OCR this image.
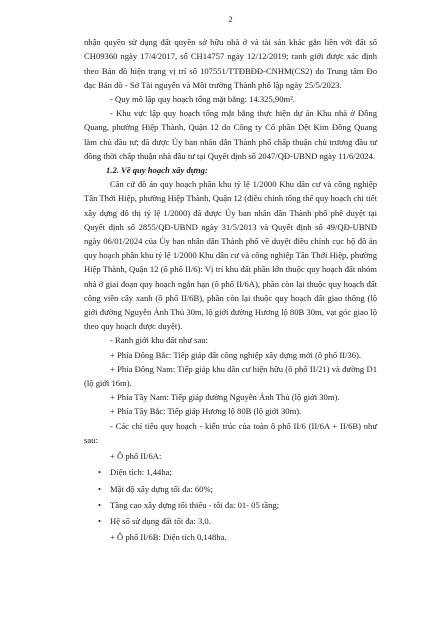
2

nhận quyền sử dụng đất quyền sở hữu nhà ở và tài sản khác gắn liền với đất số CH09360 ngày 17/4/2017, số CH14757 ngày 12/12/2019; ranh giới được xác định theo Bản đồ hiện trạng vị trí số 107551/TTĐBĐĐ-CNHM(CS2) do Trung tâm Đo đạc Bản đồ - Sở Tài nguyên và Môi trường Thành phố lập ngày 25/5/2023.

- Quy mô lập quy hoạch tổng mặt bằng: 14.325,90m².

- Khu vực lập quy hoạch tổng mặt bằng thực hiện dự án Khu nhà ở Đông Quang, phường Hiệp Thành, Quận 12 do Công ty Cổ phần Dệt Kim Đông Quang làm chủ đầu tư; đã được Ủy ban nhân dân Thành phố chấp thuận chủ trương đầu tư đồng thời chấp thuận nhà đầu tư tại Quyết định số 2047/QĐ-UBND ngày 11/6/2024.

1.2. Về quy hoạch xây dựng:

Căn cứ đồ án quy hoạch phân khu tỷ lệ 1/2000 Khu dân cư và công nghiệp Tân Thới Hiệp, phường Hiệp Thành, Quận 12 (điều chỉnh tổng thể quy hoạch chi tiết xây dựng đô thị tỷ lệ 1/2000) đã được Ủy ban nhân dân Thành phố phê duyệt tại Quyết định số 2855/QĐ-UBND ngày 31/5/2013 và Quyết định số 49/QĐ-UBND ngày 06/01/2024 của Ủy ban nhân dân Thành phố về duyệt điều chỉnh cục bộ đồ án quy hoạch phân khu tỷ lệ 1/2000 Khu dân cư và công nghiệp Tân Thới Hiệp, phường Hiệp Thành, Quận 12 (ô phố II/6): Vị trí khu đất phần lớn thuộc quy hoạch đất nhóm nhà ở giai đoạn quy hoạch ngắn hạn (ô phố II/6A), phần còn lại thuộc quy hoạch đất công viên cây xanh (ô phố II/6B), phần còn lại thuộc quy hoạch đất giao thông (lộ giới đường Nguyễn Ảnh Thủ 30m, lộ giới đường Hương lộ 80B 30m, vạt góc giao lộ theo quy hoạch được duyệt).

- Ranh giới khu đất như sau:

+ Phía Đông Bắc: Tiếp giáp đất công nghiệp xây dựng mới (ô phố II/36).

+ Phía Đông Nam: Tiếp giáp khu dân cư hiện hữu (ô phố II/21) và đường D1 (lộ giới 16m).

+ Phía Tây Nam: Tiếp giáp đường Nguyễn Ảnh Thủ (lộ giới 30m).

+ Phía Tây Bắc: Tiếp giáp Hương lộ 80B (lộ giới 30m).

- Các chỉ tiêu quy hoạch - kiến trúc của toàn ô phố II/6 (II/6A + II/6B) như sau:

+ Ô phố II/6A:

• Diện tích: 1,44ha;

• Mật độ xây dựng tối đa: 60%;

• Tầng cao xây dựng tối thiểu - tối đa: 01- 05 tầng;

• Hệ số sử dụng đất tối đa: 3,0.

+ Ô phố II/6B: Diện tích 0,148ha.
